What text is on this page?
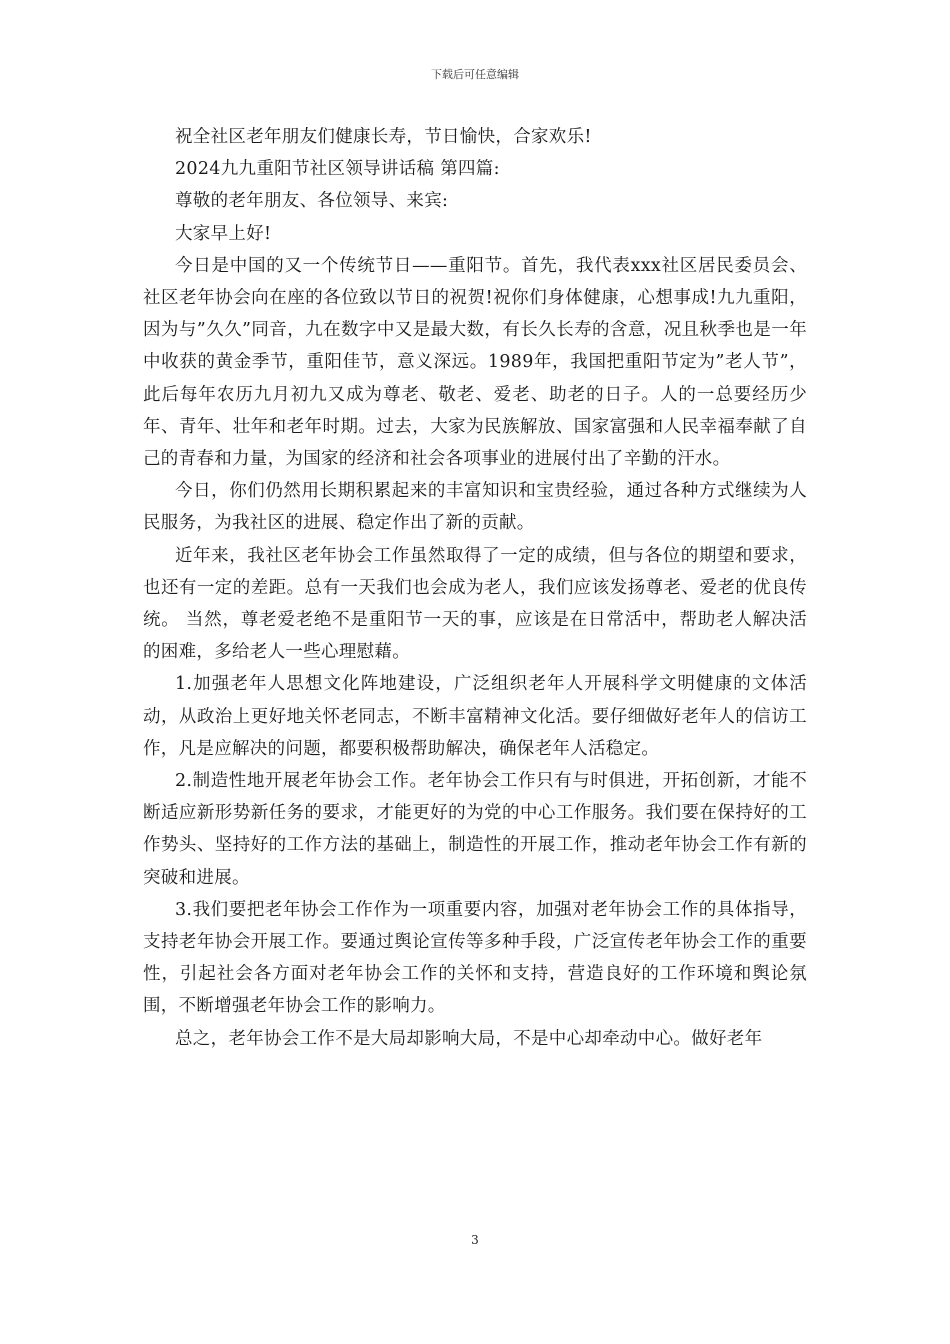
下载后可任意编辑

祝全社区老年朋友们健康长寿，节日愉快，合家欢乐!

2024九九重阳节社区领导讲话稿 第四篇:

尊敬的老年朋友、各位领导、来宾:

大家早上好!

今日是中国的又一个传统节日——重阳节。首先，我代表xxx社区居民委员会、社区老年协会向在座的各位致以节日的祝贺!祝你们身体健康，心想事成!九九重阳，因为与”久久”同音，九在数字中又是最大数，有长久长寿的含意，况且秋季也是一年中收获的黄金季节，重阳佳节，意义深远。1989年，我国把重阳节定为”老人节”，此后每年农历九月初九又成为尊老、敬老、爱老、助老的日子。人的一总要经历少年、青年、壮年和老年时期。过去，大家为民族解放、国家富强和人民幸福奉献了自己的青春和力量，为国家的经济和社会各项事业的进展付出了辛勤的汗水。

今日，你们仍然用长期积累起来的丰富知识和宝贵经验，通过各种方式继续为人民服务，为我社区的进展、稳定作出了新的贡献。

近年来，我社区老年协会工作虽然取得了一定的成绩，但与各位的期望和要求，也还有一定的差距。总有一天我们也会成为老人，我们应该发扬尊老、爱老的优良传统。 当然，尊老爱老绝不是重阳节一天的事，应该是在日常活中，帮助老人解决活的困难，多给老人一些心理慰藉。

1.加强老年人思想文化阵地建设，广泛组织老年人开展科学文明健康的文体活动，从政治上更好地关怀老同志，不断丰富精神文化活。要仔细做好老年人的信访工作，凡是应解决的问题，都要积极帮助解决，确保老年人活稳定。

2.制造性地开展老年协会工作。老年协会工作只有与时俱进，开拓创新，才能不断适应新形势新任务的要求，才能更好的为党的中心工作服务。我们要在保持好的工作势头、坚持好的工作方法的基础上，制造性的开展工作，推动老年协会工作有新的突破和进展。

3.我们要把老年协会工作作为一项重要内容，加强对老年协会工作的具体指导，支持老年协会开展工作。要通过舆论宣传等多种手段，广泛宣传老年协会工作的重要性，引起社会各方面对老年协会工作的关怀和支持，营造良好的工作环境和舆论氛围，不断增强老年协会工作的影响力。

总之，老年协会工作不是大局却影响大局，不是中心却牵动中心。做好老年

3
